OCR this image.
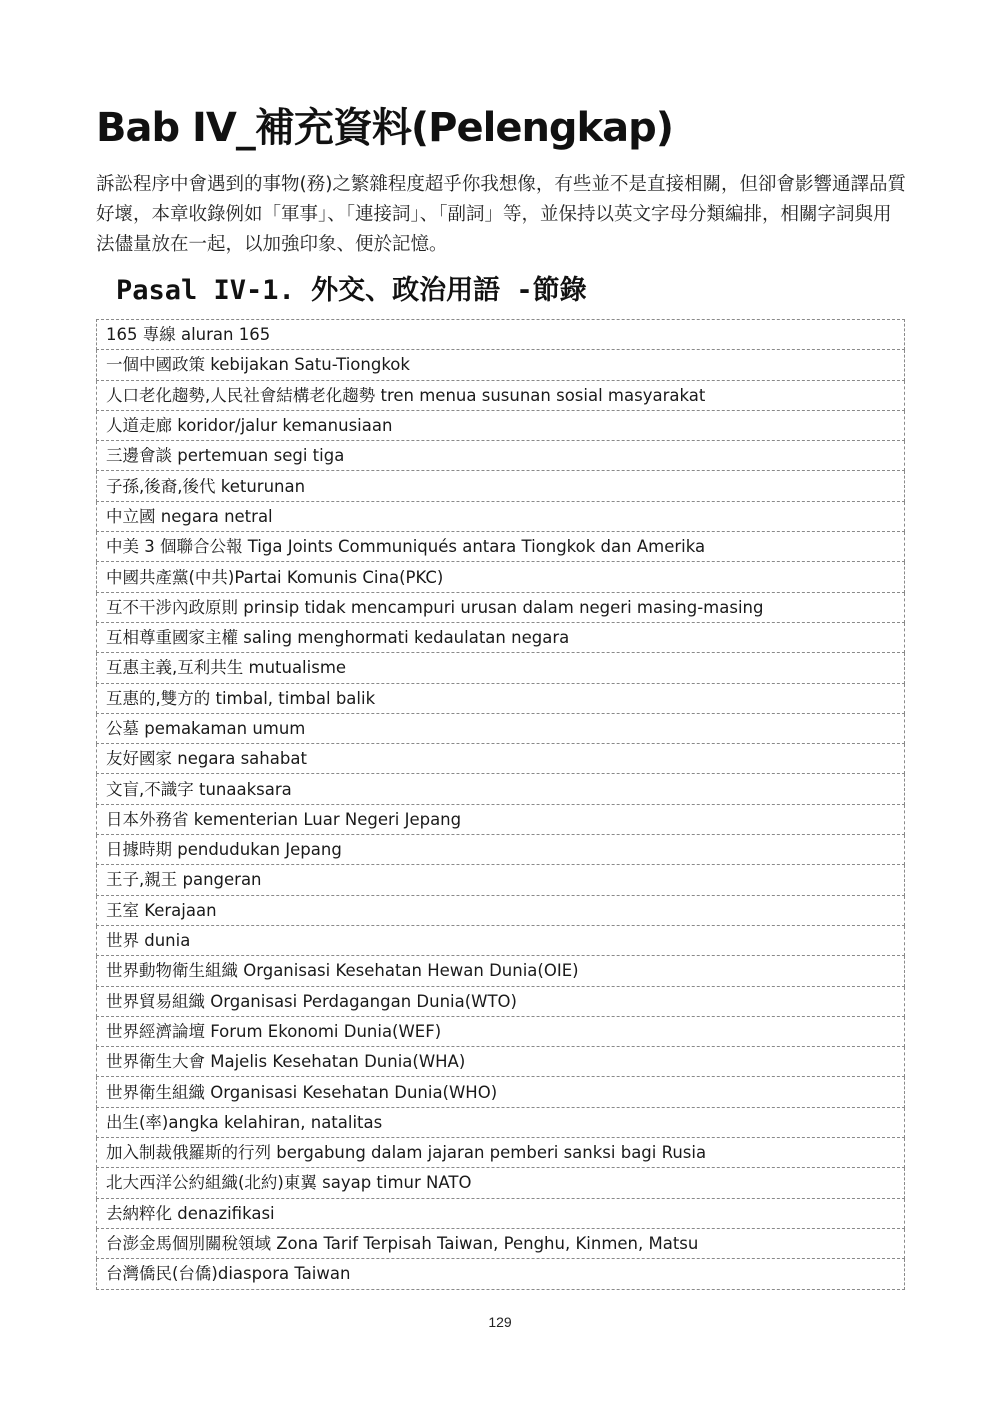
Bab IV_補充資料(Pelengkap)

訴訟程序中會遇到的事物(務)之繁雜程度超乎你我想像，有些並不是直接相關，但卻會影響通譯品質好壞，本章收錄例如「軍事」、「連接詞」、「副詞」等，並保持以英文字母分類編排，相關字詞與用法儘量放在一起，以加強印象、便於記憶。

Pasal IV-1. 外交、政治用語 -節錄
165 專線 aluran 165
一個中國政策 kebijakan Satu-Tiongkok
人口老化趨勢,人民社會結構老化趨勢 tren menua susunan sosial masyarakat
人道走廊 koridor/jalur kemanusiaan
三邊會談 pertemuan segi tiga
子孫,後裔,後代 keturunan
中立國 negara netral
中美 3 個聯合公報 Tiga Joints Communiqués antara Tiongkok dan Amerika
中國共產黨(中共)Partai Komunis Cina(PKC)
互不干涉內政原則 prinsip tidak mencampuri urusan dalam negeri masing-masing
互相尊重國家主權 saling menghormati kedaulatan negara
互惠主義,互利共生 mutualisme
互惠的,雙方的 timbal, timbal balik
公墓 pemakaman umum
友好國家 negara sahabat
文盲,不識字 tunaaksara
日本外務省 kementerian Luar Negeri Jepang
日據時期 pendudukan Jepang
王子,親王 pangeran
王室 Kerajaan
世界 dunia
世界動物衛生組織 Organisasi Kesehatan Hewan Dunia(OIE)
世界貿易組織 Organisasi Perdagangan Dunia(WTO)
世界經濟論壇 Forum Ekonomi Dunia(WEF)
世界衛生大會 Majelis Kesehatan Dunia(WHA)
世界衛生組織 Organisasi Kesehatan Dunia(WHO)
出生(率)angka kelahiran, natalitas
加入制裁俄羅斯的行列 bergabung dalam jajaran pemberi sanksi bagi Rusia
北大西洋公約組織(北約)東翼 sayap timur NATO
去納粹化 denazifikasi
台澎金馬個別關稅領域 Zona Tarif Terpisah Taiwan, Penghu, Kinmen, Matsu
台灣僑民(台僑)diaspora Taiwan
129
